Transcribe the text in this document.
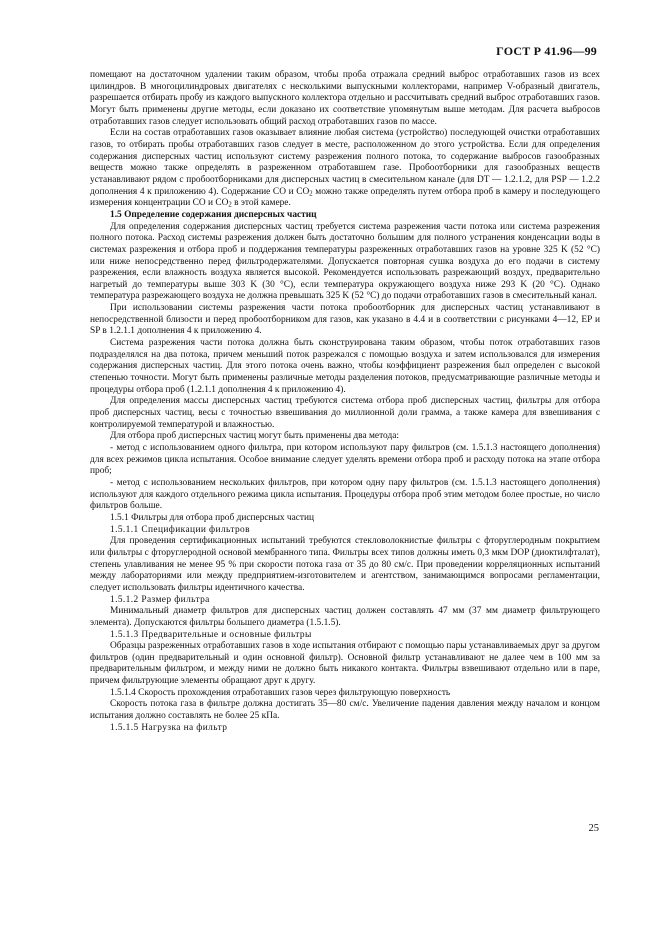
ГОСТ Р 41.96—99

помещают на достаточном удалении таким образом, чтобы проба отражала средний выброс отработавших газов из всех цилиндров. В многоцилиндровых двигателях с несколькими выпускными коллекторами, например V-образный двигатель, разрешается отбирать пробу из каждого выпускного коллектора отдельно и рассчитывать средний выброс отработавших газов. Могут быть применены другие методы, если доказано их соответствие упомянутым выше методам. Для расчета выбросов отработавших газов следует использовать общий расход отработавших газов по массе.

Если на состав отработавших газов оказывает влияние любая система (устройство) последующей очистки отработавших газов, то отбирать пробы отработавших газов следует в месте, расположенном до этого устройства. Если для определения содержания дисперсных частиц используют систему разрежения полного потока, то содержание выбросов газообразных веществ можно также определять в разреженном отработавшем газе. Пробоотборники для газообразных веществ устанавливают рядом с пробоотборниками для дисперсных частиц в смесительном канале (для DT — 1.2.1.2, для PSP — 1.2.2 дополнения 4 к приложению 4). Содержание CO и $CO_2$ можно также определять путем отбора проб в камеру и последующего измерения концентрации CO и $CO_2$ в этой камере.

1.5 Определение содержания дисперсных частиц

Для определения содержания дисперсных частиц требуется система разрежения части потока или система разрежения полного потока. Расход системы разрежения должен быть достаточно большим для полного устранения конденсации воды в системах разрежения и отбора проб и поддержания температуры разреженных отработавших газов на уровне 325 K (52 °C) или ниже непосредственно перед фильтродержателями. Допускается повторная сушка воздуха до его подачи в систему разрежения, если влажность воздуха является высокой. Рекомендуется использовать разрежающий воздух, предварительно нагретый до температуры выше 303 K (30 °C), если температура окружающего воздуха ниже 293 K (20 °C). Однако температура разрежающего воздуха не должна превышать 325 K (52 °C) до подачи отработавших газов в смесительный канал.

При использовании системы разрежения части потока пробоотборник для дисперсных частиц устанавливают в непосредственной близости и перед пробоотборником для газов, как указано в 4.4 и в соответствии с рисунками 4—12, EP и SP в 1.2.1.1 дополнения 4 к приложению 4.

Система разрежения части потока должна быть сконструирована таким образом, чтобы поток отработавших газов подразделялся на два потока, причем меньший поток разрежался с помощью воздуха и затем использовался для измерения содержания дисперсных частиц. Для этого потока очень важно, чтобы коэффициент разрежения был определен с высокой степенью точности. Могут быть применены различные методы разделения потоков, предусматривающие различные методы и процедуры отбора проб (1.2.1.1 дополнения 4 к приложению 4).

Для определения массы дисперсных частиц требуются система отбора проб дисперсных частиц, фильтры для отбора проб дисперсных частиц, весы с точностью взвешивания до миллионной доли грамма, а также камера для взвешивания с контролируемой температурой и влажностью.

Для отбора проб дисперсных частиц могут быть применены два метода:

- метод с использованием одного фильтра, при котором используют пару фильтров (см. 1.5.1.3 настоящего дополнения) для всех режимов цикла испытания. Особое внимание следует уделять времени отбора проб и расходу потока на этапе отбора проб;

- метод с использованием нескольких фильтров, при котором одну пару фильтров (см. 1.5.1.3 настоящего дополнения) используют для каждого отдельного режима цикла испытания. Процедуры отбора проб этим методом более простые, но число фильтров больше.

1.5.1 Фильтры для отбора проб дисперсных частиц

1.5.1.1 Спецификации фильтров

Для проведения сертификационных испытаний требуются стекловолокнистые фильтры с фторуглеродным покрытием или фильтры с фторуглеродной основой мембранного типа. Фильтры всех типов должны иметь 0,3 мкм DOP (диоктилфталат), степень улавливания не менее 95 % при скорости потока газа от 35 до 80 см/с. При проведении корреляционных испытаний между лабораториями или между предприятием-изготовителем и агентством, занимающимся вопросами регламентации, следует использовать фильтры идентичного качества.

1.5.1.2 Размер фильтра

Минимальный диаметр фильтров для дисперсных частиц должен составлять 47 мм (37 мм диаметр фильтрующего элемента). Допускаются фильтры большего диаметра (1.5.1.5).

1.5.1.3 Предварительные и основные фильтры

Образцы разреженных отработавших газов в ходе испытания отбирают с помощью пары устанавливаемых друг за другом фильтров (один предварительный и один основной фильтр). Основной фильтр устанавливают не далее чем в 100 мм за предварительным фильтром, и между ними не должно быть никакого контакта. Фильтры взвешивают отдельно или в паре, причем фильтрующие элементы обращают друг к другу.

1.5.1.4 Скорость прохождения отработавших газов через фильтрующую поверхность

Скорость потока газа в фильтре должна достигать 35—80 см/с. Увеличение падения давления между началом и концом испытания должно составлять не более 25 кПа.

1.5.1.5 Нагрузка на фильтр

25
